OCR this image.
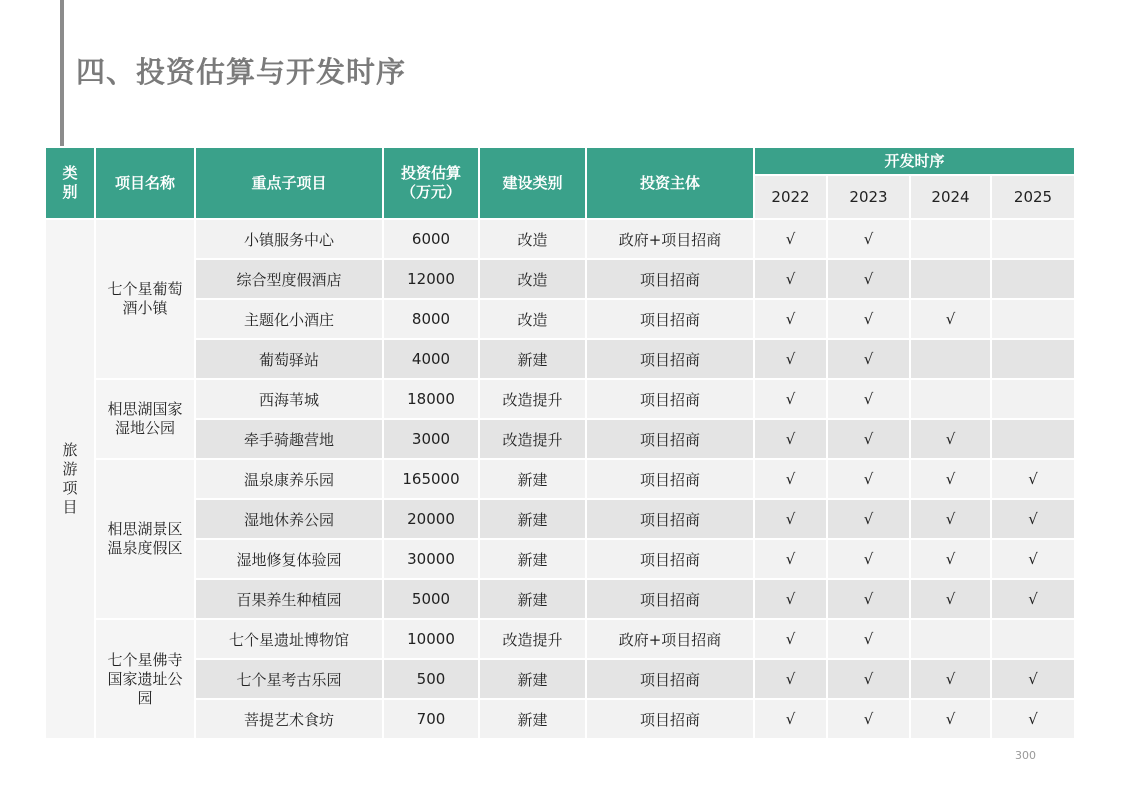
四、投资估算与开发时序
类别	项目名称	重点子项目	投资估算（万元）	建设类别	投资主体	开发时序			
						2022	2023	2024	2025
旅游项目	七个星葡萄酒小镇	小镇服务中心	6000	改造	政府+项目招商	√	√		
		综合型度假酒店	12000	改造	项目招商	√	√		
		主题化小酒庄	8000	改造	项目招商	√	√	√	
		葡萄驿站	4000	新建	项目招商	√	√		
	相思湖国家湿地公园	西海苇城	18000	改造提升	项目招商	√	√		
		牵手骑趣营地	3000	改造提升	项目招商	√	√	√	
	相思湖景区温泉度假区	温泉康养乐园	165000	新建	项目招商	√	√	√	√
		湿地休养公园	20000	新建	项目招商	√	√	√	√
		湿地修复体验园	30000	新建	项目招商	√	√	√	√
		百果养生种植园	5000	新建	项目招商	√	√	√	√
	七个星佛寺国家遗址公园	七个星遗址博物馆	10000	改造提升	政府+项目招商	√	√		
		七个星考古乐园	500	新建	项目招商	√	√	√	√
		菩提艺术食坊	700	新建	项目招商	√	√	√	√
300
